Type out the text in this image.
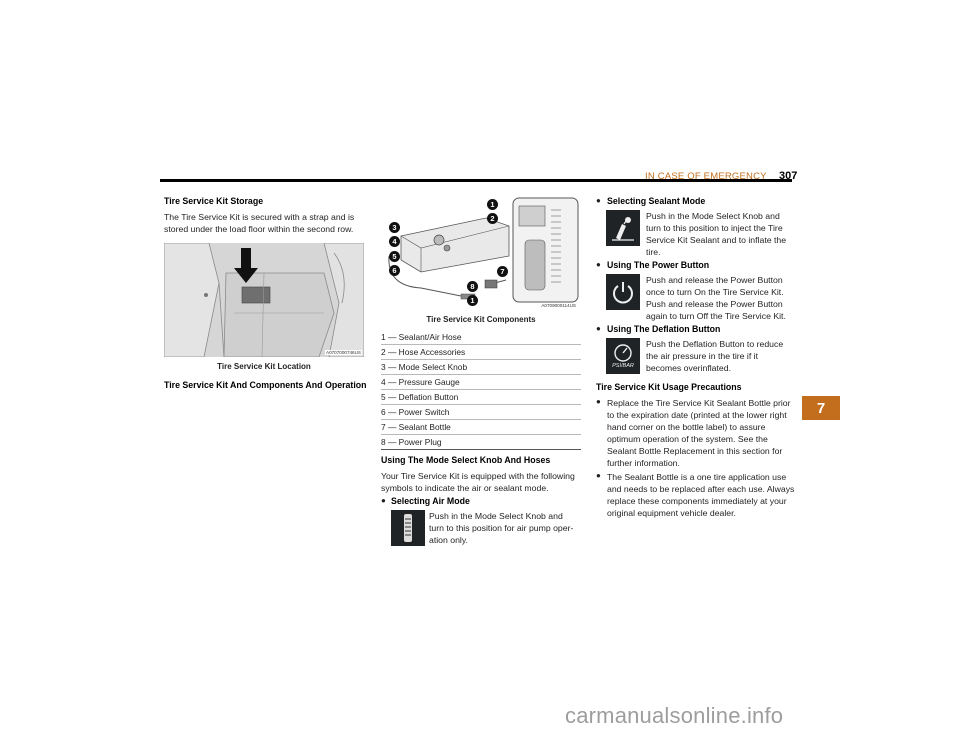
IN CASE OF EMERGENCY 307
7
Tire Service Kit Storage
The Tire Service Kit is secured with a strap and is
stored under the load floor within the second row.
A0707000746US
Tire Service Kit Location
Tire Service Kit And Components And Operation
1
2
3
4
5
6	7
8
1
A0709000114US
Tire Service Kit Components
1 — Sealant/Air Hose
2 — Hose Accessories
3 — Mode Select Knob
4 — Pressure Gauge
5 — Deflation Button
6 — Power Switch
7 — Sealant Bottle
8 — Power Plug
Using The Mode Select Knob And Hoses
Your Tire Service Kit is equipped with the following
symbols to indicate the air or sealant mode.
● Selecting Air Mode
Push in the Mode Select Knob and
turn to this position for air pump oper-
ation only.
● Selecting Sealant Mode
Push in the Mode Select Knob and
turn to this position to inject the Tire
Service Kit Sealant and to inflate the
tire.
● Using The Power Button
Push and release the Power Button
once to turn On the Tire Service Kit.
Push and release the Power Button
again to turn Off the Tire Service Kit.
● Using The Deflation Button
PSI/BAR
Push the Deflation Button to reduce
the air pressure in the tire if it
becomes overinflated.
Tire Service Kit Usage Precautions
● Replace the Tire Service Kit Sealant Bottle prior
to the expiration date (printed at the lower right
hand corner on the bottle label) to assure
optimum operation of the system. See the
Sealant Bottle Replacement in this section for
further information.
● The Sealant Bottle is a one tire application use
and needs to be replaced after each use. Always
replace these components immediately at your
original equipment vehicle dealer.
carmanualsonline.info
